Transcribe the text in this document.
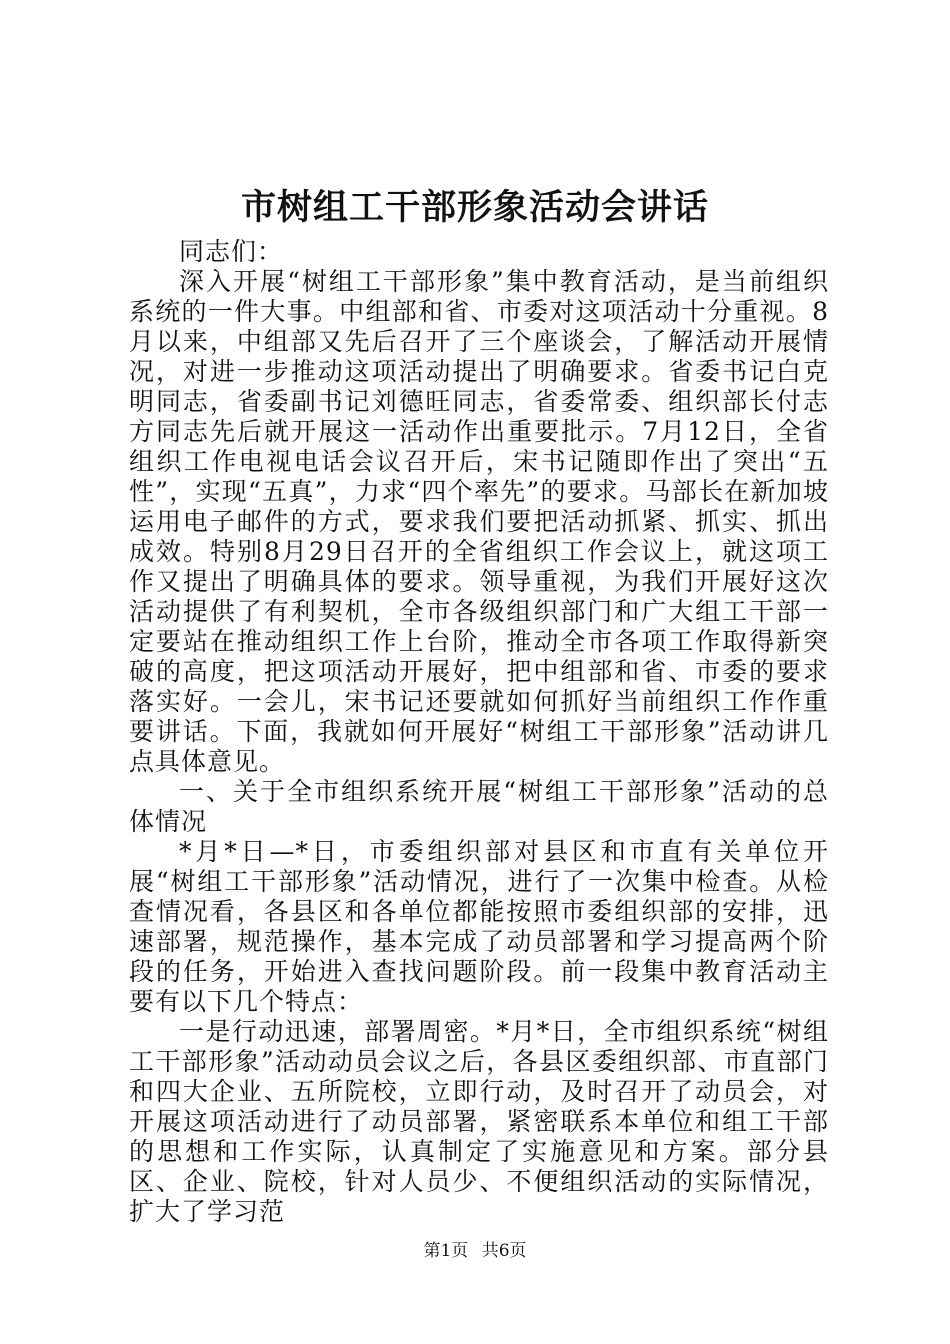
市树组工干部形象活动会讲话

同志们：

深入开展“树组工干部形象”集中教育活动，是当前组织系统的一件大事。中组部和省、市委对这项活动十分重视。8月以来，中组部又先后召开了三个座谈会，了解活动开展情况，对进一步推动这项活动提出了明确要求。省委书记白克明同志，省委副书记刘德旺同志，省委常委、组织部长付志方同志先后就开展这一活动作出重要批示。7月12日，全省组织工作电视电话会议召开后，宋书记随即作出了突出“五性”，实现“五真”，力求“四个率先”的要求。马部长在新加坡运用电子邮件的方式，要求我们要把活动抓紧、抓实、抓出成效。特别8月29日召开的全省组织工作会议上，就这项工作又提出了明确具体的要求。领导重视，为我们开展好这次活动提供了有利契机，全市各级组织部门和广大组工干部一定要站在推动组织工作上台阶，推动全市各项工作取得新突破的高度，把这项活动开展好，把中组部和省、市委的要求落实好。一会儿，宋书记还要就如何抓好当前组织工作作重要讲话。下面，我就如何开展好“树组工干部形象”活动讲几点具体意见。

一、关于全市组织系统开展“树组工干部形象”活动的总体情况

*月*日—*日，市委组织部对县区和市直有关单位开展“树组工干部形象”活动情况，进行了一次集中检查。从检查情况看，各县区和各单位都能按照市委组织部的安排，迅速部署，规范操作，基本完成了动员部署和学习提高两个阶段的任务，开始进入查找问题阶段。前一段集中教育活动主要有以下几个特点：

一是行动迅速，部署周密。*月*日，全市组织系统“树组工干部形象”活动动员会议之后，各县区委组织部、市直部门和四大企业、五所院校，立即行动，及时召开了动员会，对开展这项活动进行了动员部署，紧密联系本单位和组工干部的思想和工作实际，认真制定了实施意见和方案。部分县区、企业、院校，针对人员少、不便组织活动的实际情况，扩大了学习范

第1页 共6页
